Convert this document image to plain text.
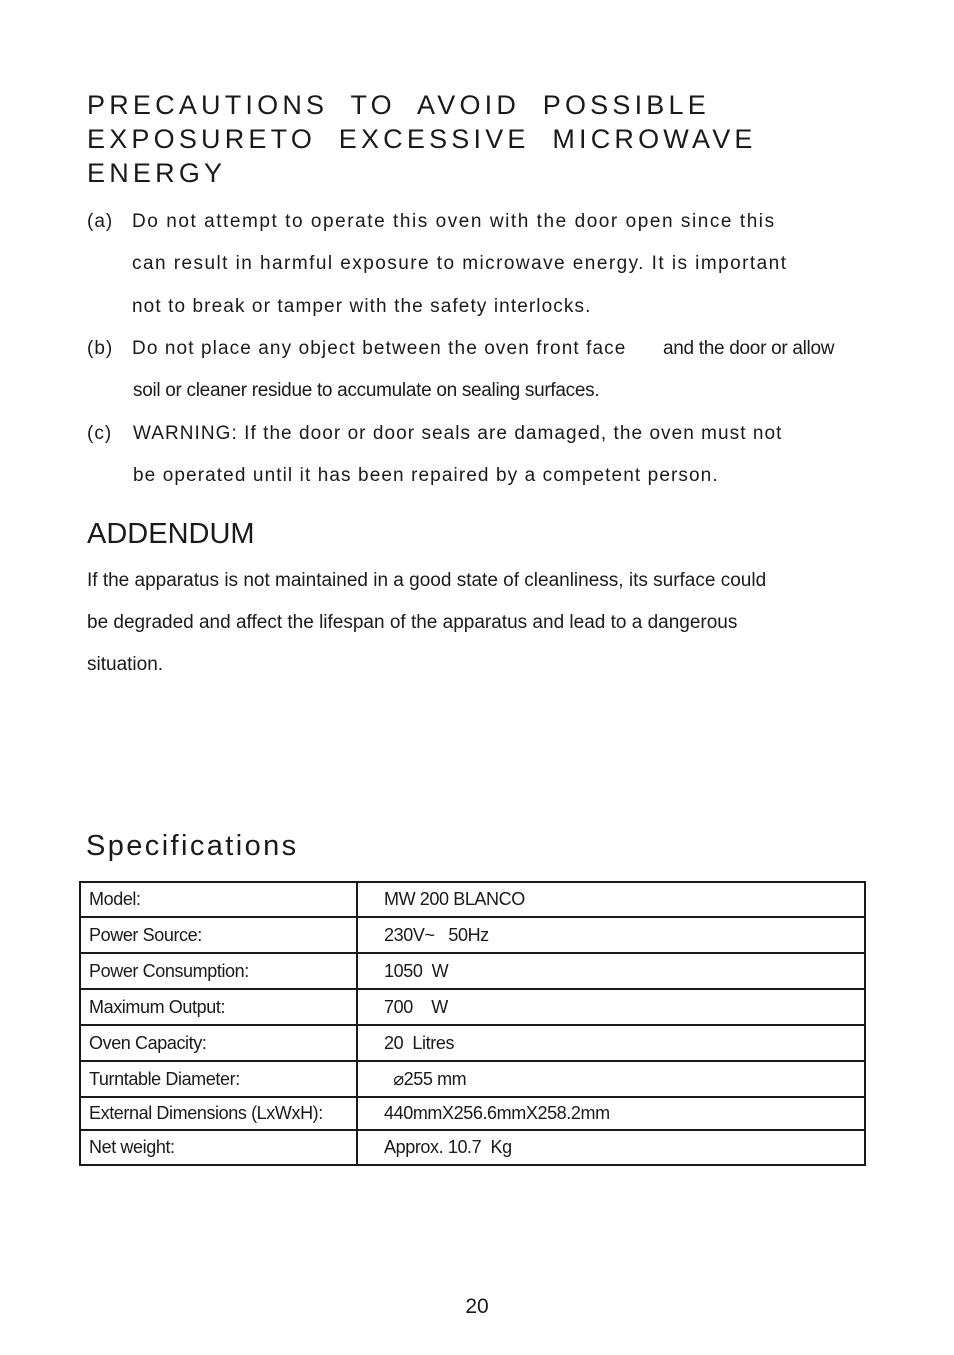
PRECAUTIONS TO AVOID POSSIBLE
EXPOSURETO EXCESSIVE MICROWAVE
ENERGY
(a) Do not attempt to operate this oven with the door open since this
can result in harmful exposure to microwave energy. It is important
not to break or tamper with the safety interlocks.
(b) Do not place any object between the oven front face and the door or allow
soil or cleaner residue to accumulate on sealing surfaces.
(c) WARNING: If the door or door seals are damaged, the oven must not
be operated until it has been repaired by a competent person.
ADDENDUM
If the apparatus is not maintained in a good state of cleanliness, its surface could
be degraded and affect the lifespan of the apparatus and lead to a dangerous
situation.
Specifications
Model:	MW 200 BLANCO
Power Source:	230V~   50Hz
Power Consumption:	1050  W
Maximum Output:	700    W
Oven Capacity:	20  Litres
Turntable Diameter:	⌀255 mm
External Dimensions (LxWxH):	440mmX256.6mmX258.2mm
Net weight:	Approx. 10.7  Kg
20
